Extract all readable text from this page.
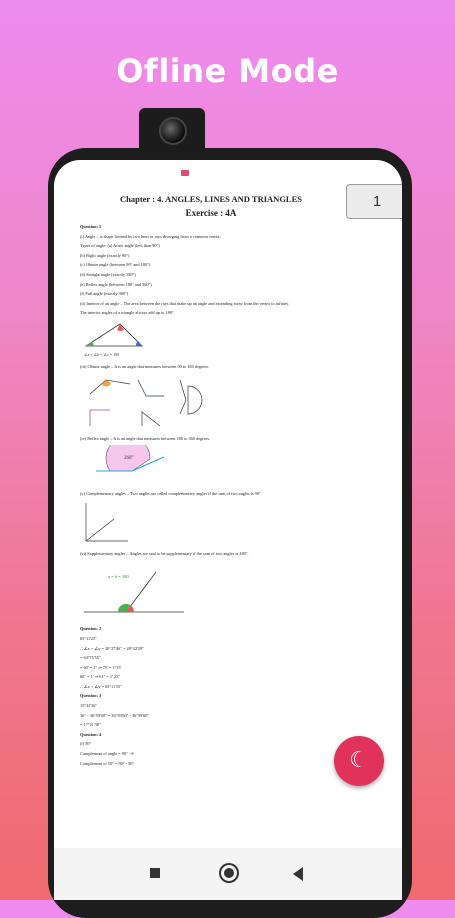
Ofline Mode
Chapter : 4. ANGLES, LINES AND TRIANGLES
Exercise : 4A

Question: 1

(i) Angle – is shape formed by two lines or rays diverging from a common vertex.

Types of angle: (a) Acute angle (less than 90°)

(b) Right angle (exactly 90°)

(c) Obtuse angle (between 90° and 180°)

(d) Straight angle (exactly 180°)

(e) Reflex angle (between 180° and 360°)

(f) Full angle (exactly 360°)

(ii) Interior of an angle – The area between the rays that make up an angle and extending away from the vertex to infinity.

The interior angles of a triangle always add up to 180°.

∠a + ∠b + ∠c = 180

(iii) Obtuse angle – It is an angle that measures between 90 to 180 degrees.

(iv) Reflex angle – It is an angle that measures between 180 to 360 degrees.

260°

(v) Complementary angles – Two angles are called complementary angles if the sum of two angles is 90°.

(vi) Supplementary angles – Angles are said to be supplementary if the sum of two angles is 180°.

a + b = 180

Question: 2

65°11'25"

∴ ∠x + ∠y = 30°27'46" + 28°42'29"

= 64°75'55"

= 60' = 1° ⇒ 75' = 1°15'

60" = 1' ⇒ 61" = 1' 25"

∴ ∠x + ∠y = 65°11'55"

Question: 3

15°32'36"

36° - 36°59'60" = 36°59'60" - 36°59'60"

= 17°21'38"

Question: 4

(i) 50°

Complement of angle = 90° - θ

Complement of 50° = 90° - 50°

1
☾
